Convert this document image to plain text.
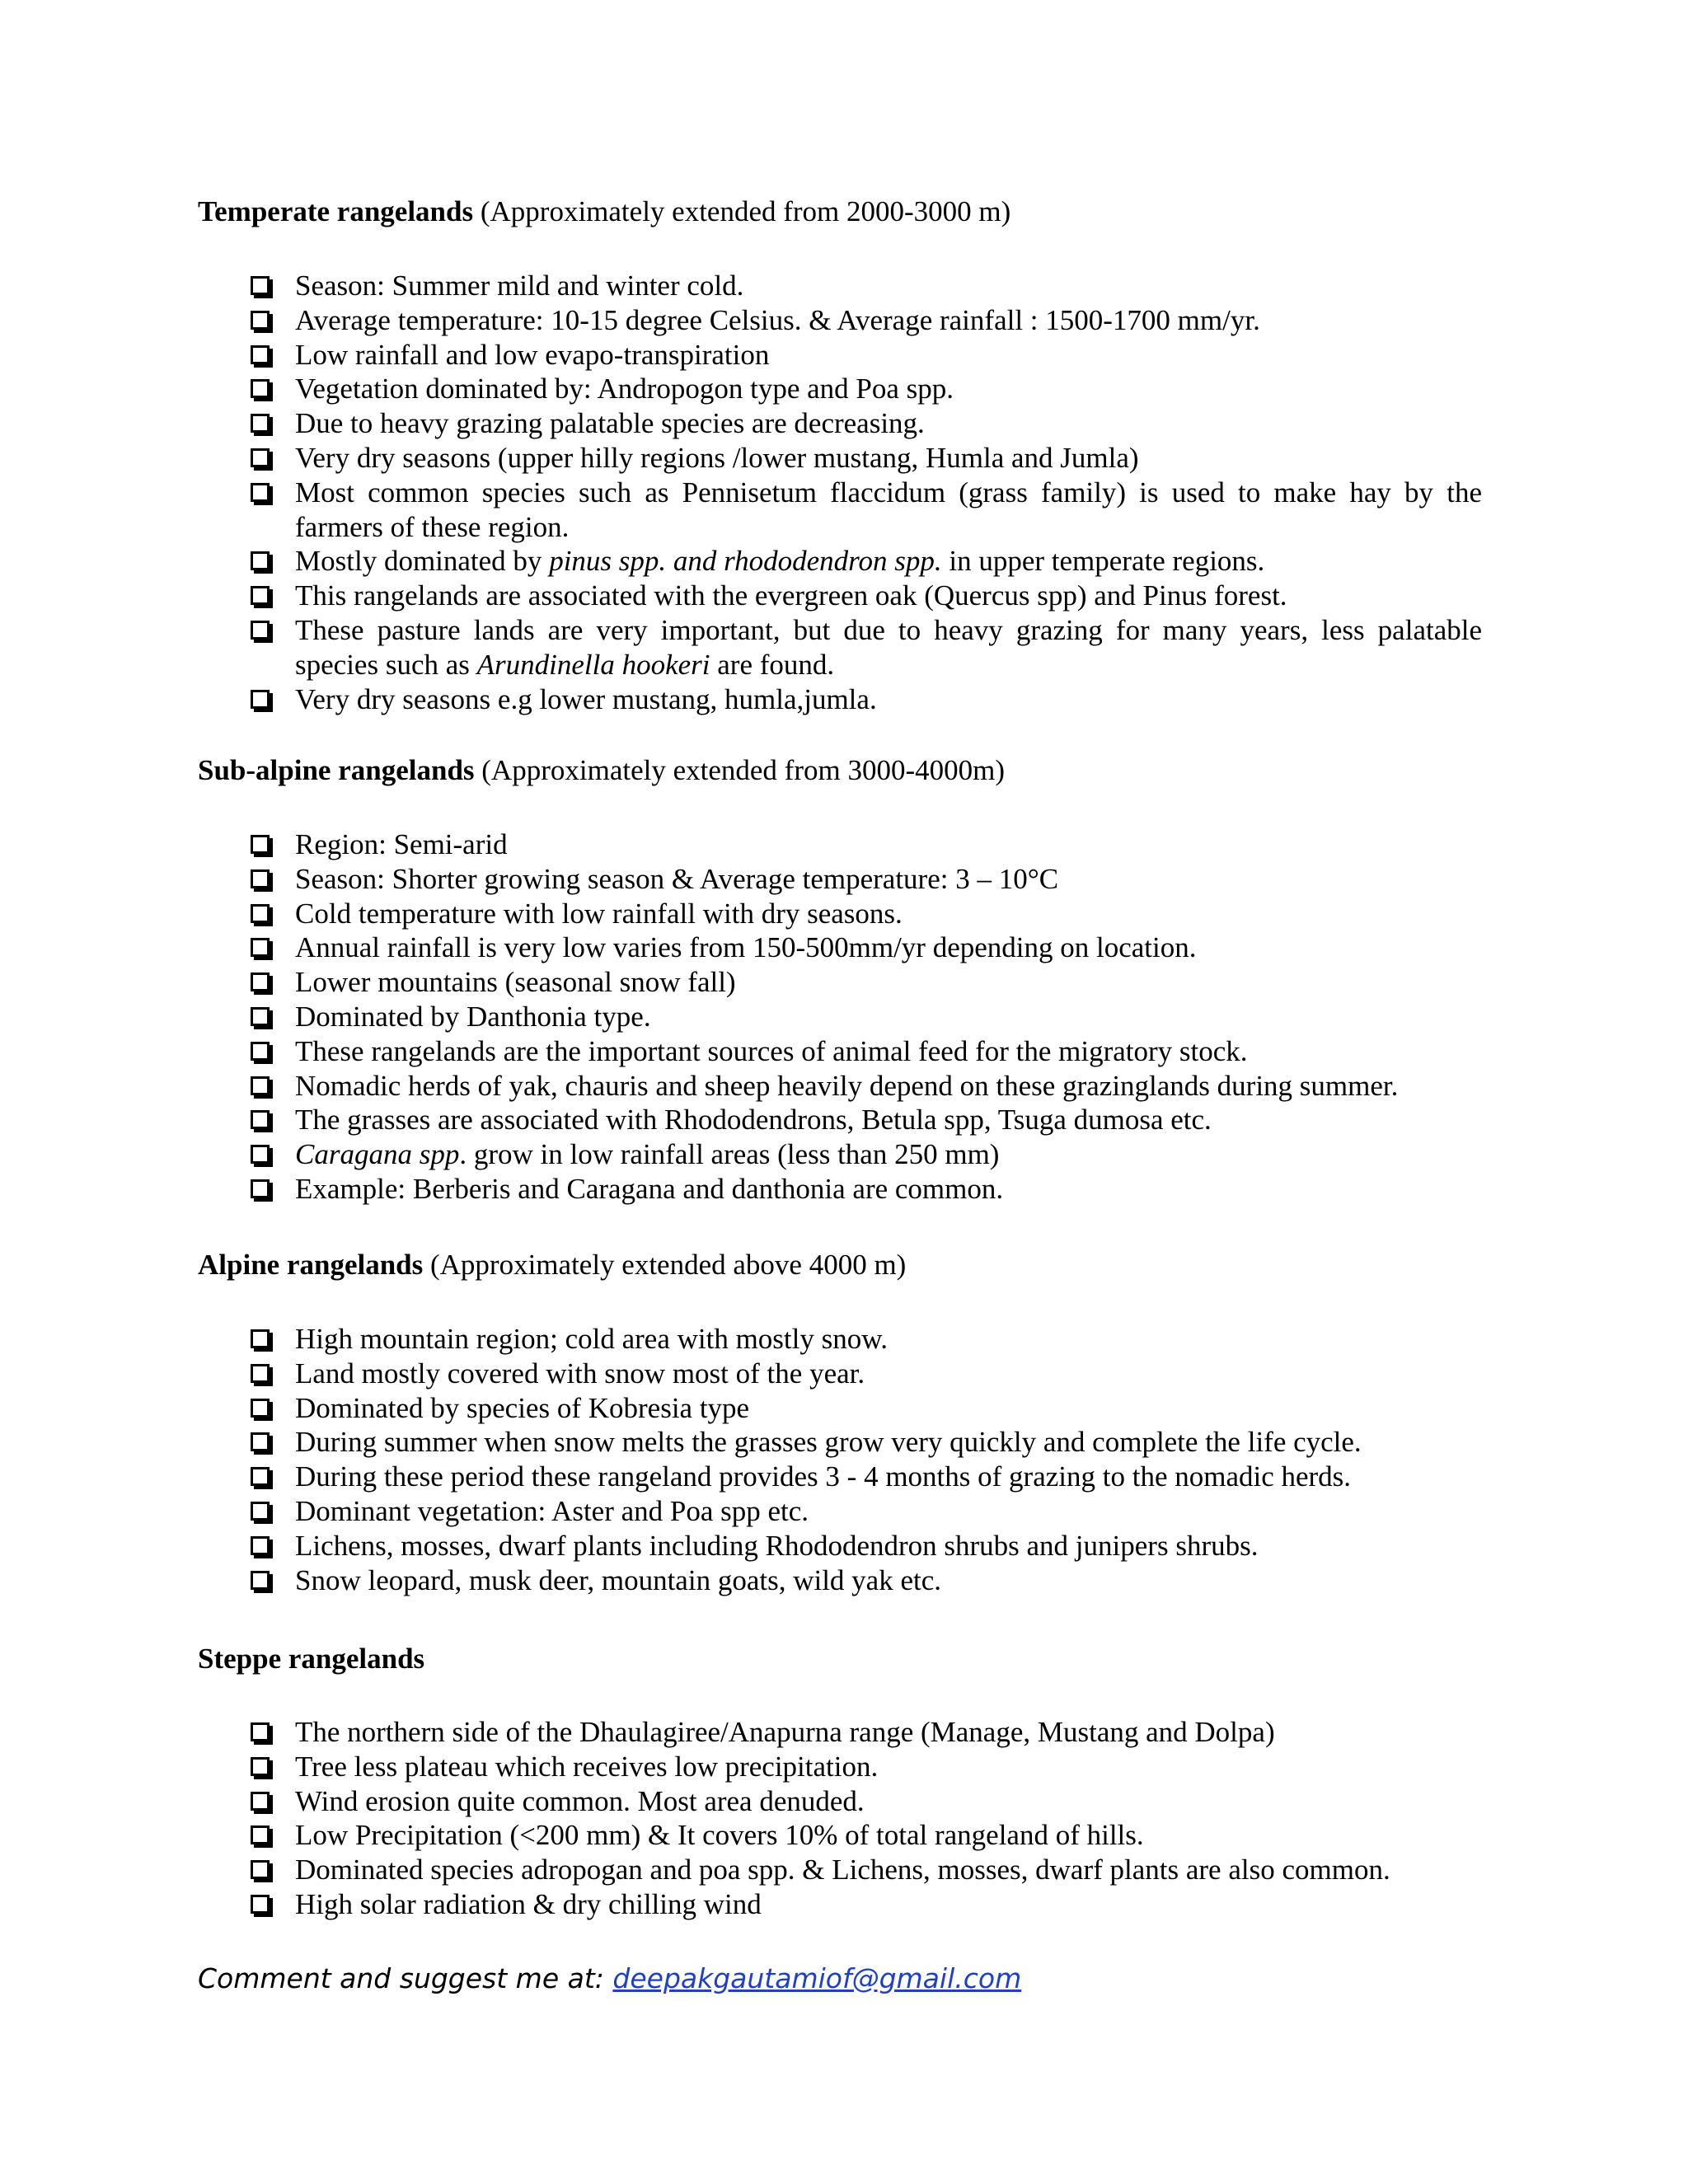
Temperate rangelands (Approximately extended from 2000-3000 m)
Season: Summer mild and winter cold.
Average temperature: 10-15 degree Celsius. & Average rainfall : 1500-1700 mm/yr.
Low rainfall and low evapo-transpiration
Vegetation dominated by: Andropogon type and Poa spp.
Due to heavy grazing palatable species are decreasing.
Very dry seasons (upper hilly regions /lower mustang, Humla and Jumla)
Most common species such as Pennisetum flaccidum (grass family) is used to make hay by the farmers of these region.
Mostly dominated by pinus spp. and rhododendron spp. in upper temperate regions.
This rangelands are associated with the evergreen oak (Quercus spp) and Pinus forest.
These pasture lands are very important, but due to heavy grazing for many years, less palatable species such as Arundinella hookeri are found.
Very dry seasons e.g lower mustang, humla,jumla.
Sub-alpine rangelands (Approximately extended from 3000-4000m)
Region: Semi-arid
Season: Shorter growing season & Average temperature: 3 – 10°C
Cold temperature with low rainfall with dry seasons.
Annual rainfall is very low varies from 150-500mm/yr depending on location.
Lower mountains (seasonal snow fall)
Dominated by Danthonia type.
These rangelands are the important sources of animal feed for the migratory stock.
Nomadic herds of yak, chauris and sheep heavily depend on these grazinglands during summer.
The grasses are associated with Rhododendrons, Betula spp, Tsuga dumosa etc.
Caragana spp. grow in low rainfall areas (less than 250 mm)
Example: Berberis and Caragana and danthonia are common.
Alpine rangelands (Approximately extended above 4000 m)
High mountain region; cold area with mostly snow.
Land mostly covered with snow most of the year.
Dominated by species of Kobresia type
During summer when snow melts the grasses grow very quickly and complete the life cycle.
During these period these rangeland provides 3 - 4 months of grazing to the nomadic herds.
Dominant vegetation: Aster and Poa spp etc.
Lichens, mosses, dwarf plants including Rhododendron shrubs and junipers shrubs.
Snow leopard, musk deer, mountain goats, wild yak etc.
Steppe rangelands
The northern side of the Dhaulagiree/Anapurna range (Manage, Mustang and Dolpa)
Tree less plateau which receives low precipitation.
Wind erosion quite common. Most area denuded.
Low Precipitation (<200 mm) & It covers 10% of total rangeland of hills.
Dominated species adropogan and poa spp. & Lichens, mosses, dwarf plants are also common.
High solar radiation & dry chilling wind
Comment and suggest me at: deepakgautamiof@gmail.com
